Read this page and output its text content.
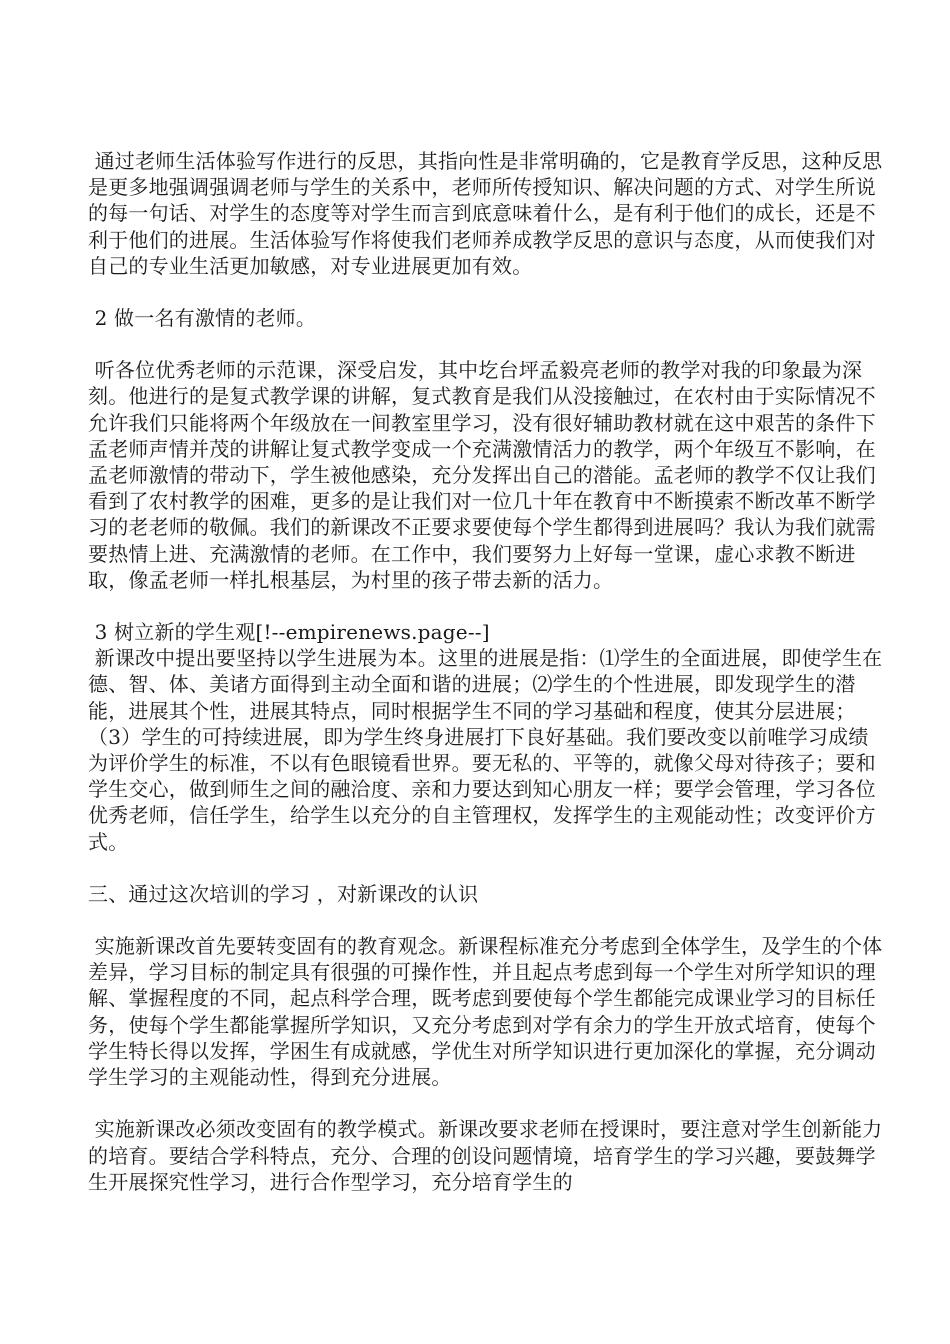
通过老师生活体验写作进行的反思，其指向性是非常明确的，它是教育学反思，这种反思是更多地强调强调老师与学生的关系中，老师所传授知识、解决问题的方式、对学生所说的每一句话、对学生的态度等对学生而言到底意味着什么，是有利于他们的成长，还是不利于他们的进展。生活体验写作将使我们老师养成教学反思的意识与态度，从而使我们对自己的专业生活更加敏感，对专业进展更加有效。

2 做一名有激情的老师。

听各位优秀老师的示范课，深受启发，其中圪台坪孟毅亮老师的教学对我的印象最为深刻。他进行的是复式教学课的讲解，复式教育是我们从没接触过，在农村由于实际情况不允许我们只能将两个年级放在一间教室里学习，没有很好辅助教材就在这中艰苦的条件下孟老师声情并茂的讲解让复式教学变成一个充满激情活力的教学，两个年级互不影响，在孟老师激情的带动下，学生被他感染，充分发挥出自己的潜能。孟老师的教学不仅让我们看到了农村教学的困难，更多的是让我们对一位几十年在教育中不断摸索不断改革不断学习的老老师的敬佩。我们的新课改不正要求要使每个学生都得到进展吗？我认为我们就需要热情上进、充满激情的老师。在工作中，我们要努力上好每一堂课，虚心求教不断进取，像孟老师一样扎根基层，为村里的孩子带去新的活力。

3 树立新的学生观[!--empirenews.page--]

新课改中提出要坚持以学生进展为本。这里的进展是指：⑴学生的全面进展，即使学生在德、智、体、美诸方面得到主动全面和谐的进展；⑵学生的个性进展，即发现学生的潜能，进展其个性，进展其特点，同时根据学生不同的学习基础和程度，使其分层进展；（3）学生的可持续进展，即为学生终身进展打下良好基础。我们要改变以前唯学习成绩为评价学生的标准，不以有色眼镜看世界。要无私的、平等的，就像父母对待孩子；要和学生交心，做到师生之间的融洽度、亲和力要达到知心朋友一样；要学会管理，学习各位优秀老师，信任学生，给学生以充分的自主管理权，发挥学生的主观能动性；改变评价方式。

三、通过这次培训的学习 ，对新课改的认识

实施新课改首先要转变固有的教育观念。新课程标准充分考虑到全体学生，及学生的个体差异，学习目标的制定具有很强的可操作性，并且起点考虑到每一个学生对所学知识的理解、掌握程度的不同，起点科学合理，既考虑到要使每个学生都能完成课业学习的目标任务，使每个学生都能掌握所学知识，又充分考虑到对学有余力的学生开放式培育，使每个学生特长得以发挥，学困生有成就感，学优生对所学知识进行更加深化的掌握，充分调动学生学习的主观能动性，得到充分进展。

实施新课改必须改变固有的教学模式。新课改要求老师在授课时，要注意对学生创新能力的培育。要结合学科特点，充分、合理的创设问题情境，培育学生的学习兴趣，要鼓舞学生开展探究性学习，进行合作型学习，充分培育学生的
